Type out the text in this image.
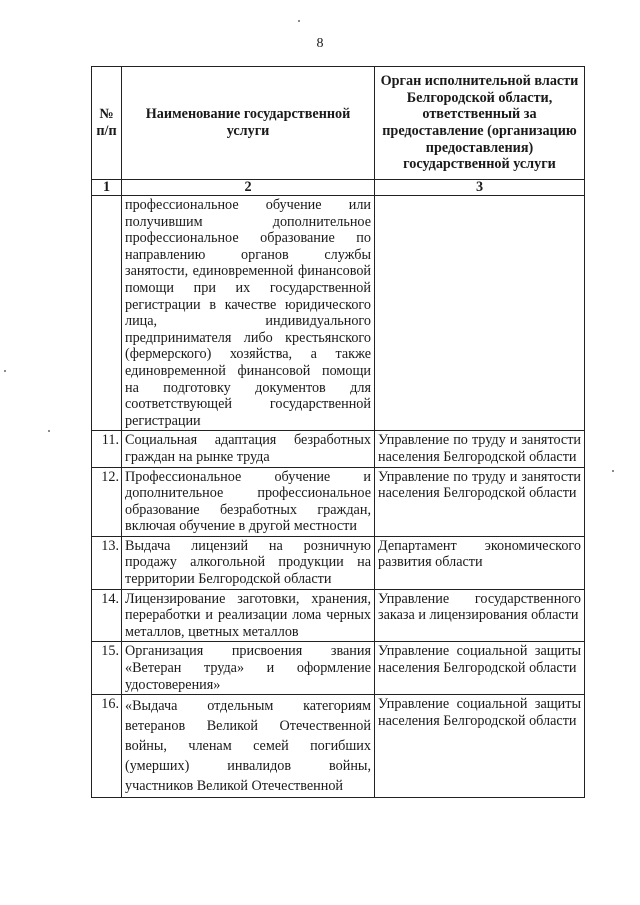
8
№
п/п	Наименование государственной услуги	Орган исполнительной власти Белгородской области, ответственный за предоставление (организацию предоставления) государственной услуги
1	2	3
	профессиональное обучение или получившим дополнительное профессиональное образование по направлению органов службы занятости, единовременной финансовой помощи при их государственной регистрации в качестве юридического лица, индивидуального предпринимателя либо крестьянского (фермерского) хозяйства, а также единовременной финансовой помощи на подготовку документов для соответствующей государственной регистрации	
11.	Социальная адаптация безработных граждан на рынке труда	Управление по труду и занятости населения Белгородской области
12.	Профессиональное обучение и дополнительное профессиональное образование безработных граждан, включая обучение в другой местности	Управление по труду и занятости населения Белгородской области
13.	Выдача лицензий на розничную продажу алкогольной продукции на территории Белгородской области	Департамент экономического развития области
14.	Лицензирование заготовки, хранения, переработки и реализации лома черных металлов, цветных металлов	Управление государственного заказа и лицензирования области
15.	Организация присвоения звания «Ветеран труда» и оформление удостоверения»	Управление социальной защиты населения Белгородской области
16.	«Выдача отдельным категориям ветеранов Великой Отечественной войны, членам семей погибших (умерших) инвалидов войны, участников Великой Отечественной	Управление социальной защиты населения Белгородской области
